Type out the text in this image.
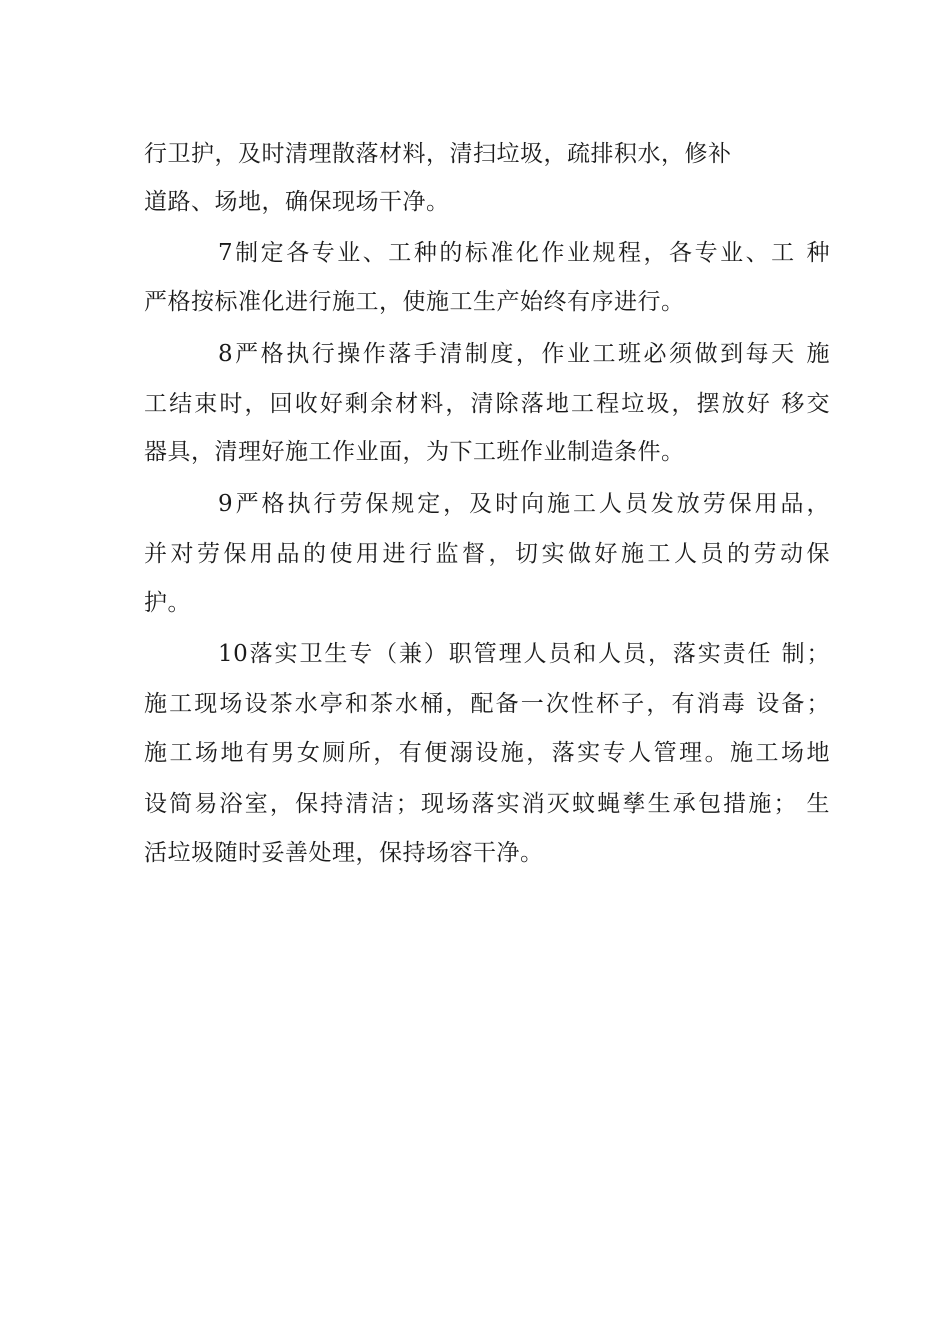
行卫护，及时清理散落材料，清扫垃圾，疏排积水，修补
道路、场地，确保现场干净。
7制定各专业、工种的标准化作业规程，各专业、工 种
严格按标准化进行施工，使施工生产始终有序进行。
8严格执行操作落手清制度，作业工班必须做到每天 施
工结束时，回收好剩余材料，清除落地工程垃圾，摆放好 移交
器具，清理好施工作业面，为下工班作业制造条件。
9严格执行劳保规定，及时向施工人员发放劳保用品，
并对劳保用品的使用进行监督，切实做好施工人员的劳动保
护。
10落实卫生专（兼）职管理人员和人员，落实责任 制；
施工现场设茶水亭和茶水桶，配备一次性杯子，有消毒 设备；
施工场地有男女厕所，有便溺设施，落实专人管理。施工场地
设简易浴室，保持清洁；现场落实消灭蚊蝇孳生承包措施； 生
活垃圾随时妥善处理，保持场容干净。
